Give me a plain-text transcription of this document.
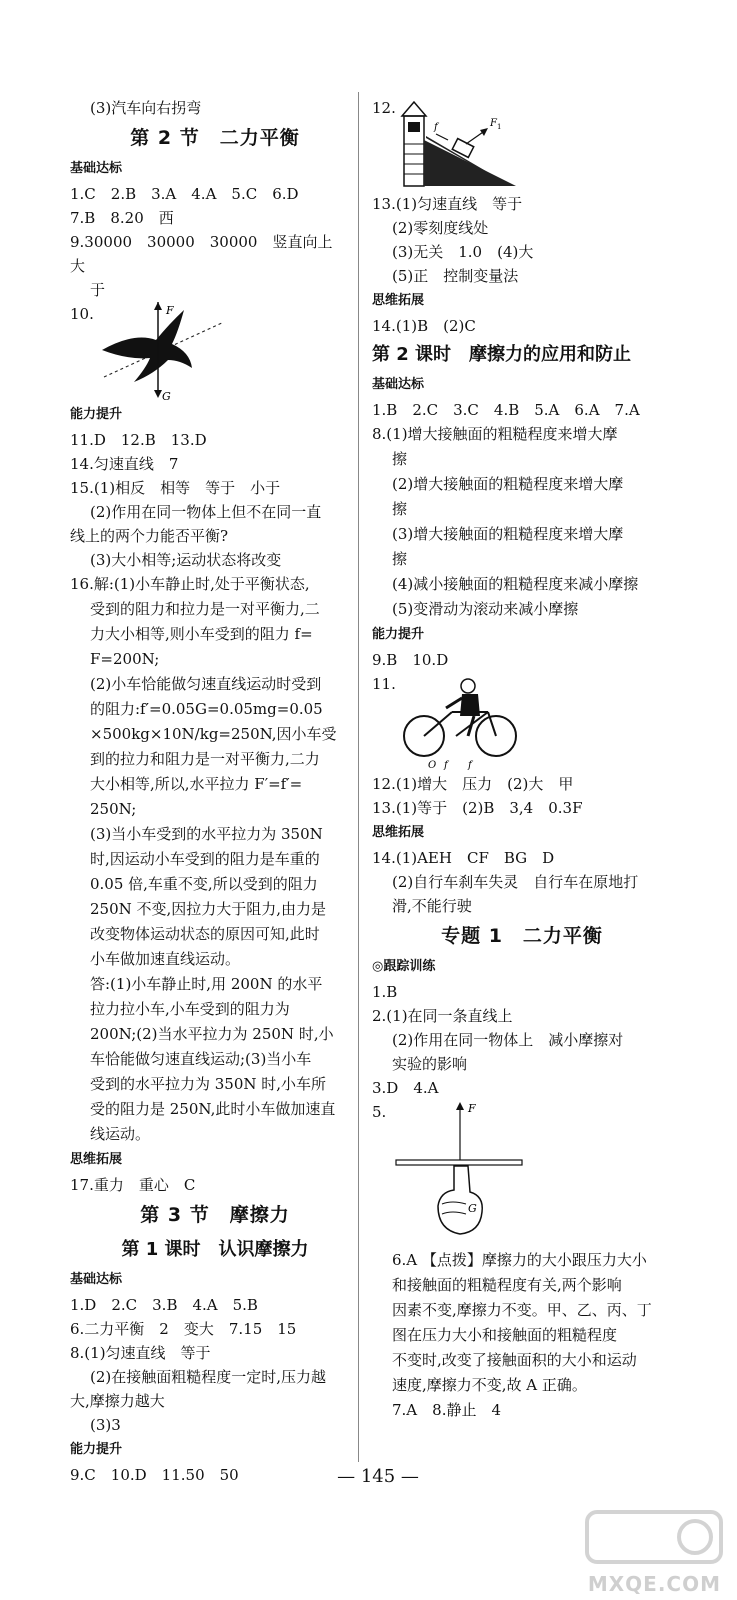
(3)汽车向右拐弯
第 2 节　二力平衡
基础达标
1.C　2.B　3.A　4.A　5.C　6.D
7.B　8.20　西
9.30000　30000　30000　竖直向上　大
于
10.	F
G
能力提升
11.D　12.B　13.D
14.匀速直线　7
15.(1)相反　相等　等于　小于
(2)作用在同一物体上但不在同一直
线上的两个力能否平衡?
(3)大小相等;运动状态将改变
16.解:(1)小车静止时,处于平衡状态,
受到的阻力和拉力是一对平衡力,二
力大小相等,则小车受到的阻力 f=
F=200N;
(2)小车恰能做匀速直线运动时受到
的阻力:f′=0.05G=0.05mg=0.05
×500kg×10N/kg=250N,因小车受
到的拉力和阻力是一对平衡力,二力
大小相等,所以,水平拉力 F′=f′=
250N;
(3)当小车受到的水平拉力为 350N
时,因运动小车受到的阻力是车重的
0.05 倍,车重不变,所以受到的阻力
250N 不变,因拉力大于阻力,由力是
改变物体运动状态的原因可知,此时
小车做加速直线运动。
答:(1)小车静止时,用 200N 的水平
拉力拉小车,小车受到的阻力为
200N;(2)当水平拉力为 250N 时,小
车恰能做匀速直线运动;(3)当小车
受到的水平拉力为 350N 时,小车所
受的阻力是 250N,此时小车做加速直
线运动。
思维拓展
17.重力　重心　C
第 3 节　摩擦力
第 1 课时　认识摩擦力
基础达标
1.D　2.C　3.B　4.A　5.B
6.二力平衡　2　变大　7.15　15
8.(1)匀速直线　等于
(2)在接触面粗糙程度一定时,压力越
大,摩擦力越大
(3)3
能力提升
9.C　10.D　11.50　50
12.
f	F 1
13.(1)匀速直线　等于
(2)零刻度线处
(3)无关　1.0　(4)大
(5)正　控制变量法
思维拓展
14.(1)B　(2)C
第 2 课时　摩擦力的应用和防止
基础达标
1.B　2.C　3.C　4.B　5.A　6.A　7.A
8.(1)增大接触面的粗糙程度来增大摩
擦
(2)增大接触面的粗糙程度来增大摩
擦
(3)增大接触面的粗糙程度来增大摩
擦
(4)减小接触面的粗糙程度来减小摩擦
(5)变滑动为滚动来减小摩擦
能力提升
9.B　10.D
11.
O f f
12.(1)增大　压力　(2)大　甲
13.(1)等于　(2)B　3,4　0.3F
思维拓展
14.(1)AEH　CF　BG　D
(2)自行车刹车失灵　自行车在原地打
滑,不能行驶
专题 1　二力平衡
◎跟踪训练
1.B
2.(1)在同一条直线上
(2)作用在同一物体上　减小摩擦对
实验的影响
3.D　4.A
5.	F
G
6.A 【点拨】摩擦力的大小跟压力大小
和接触面的粗糙程度有关,两个影响
因素不变,摩擦力不变。甲、乙、丙、丁
图在压力大小和接触面的粗糙程度
不变时,改变了接触面积的大小和运动
速度,摩擦力不变,故 A 正确。
7.A　8.静止　4
— 145 —
MXQE.COM
